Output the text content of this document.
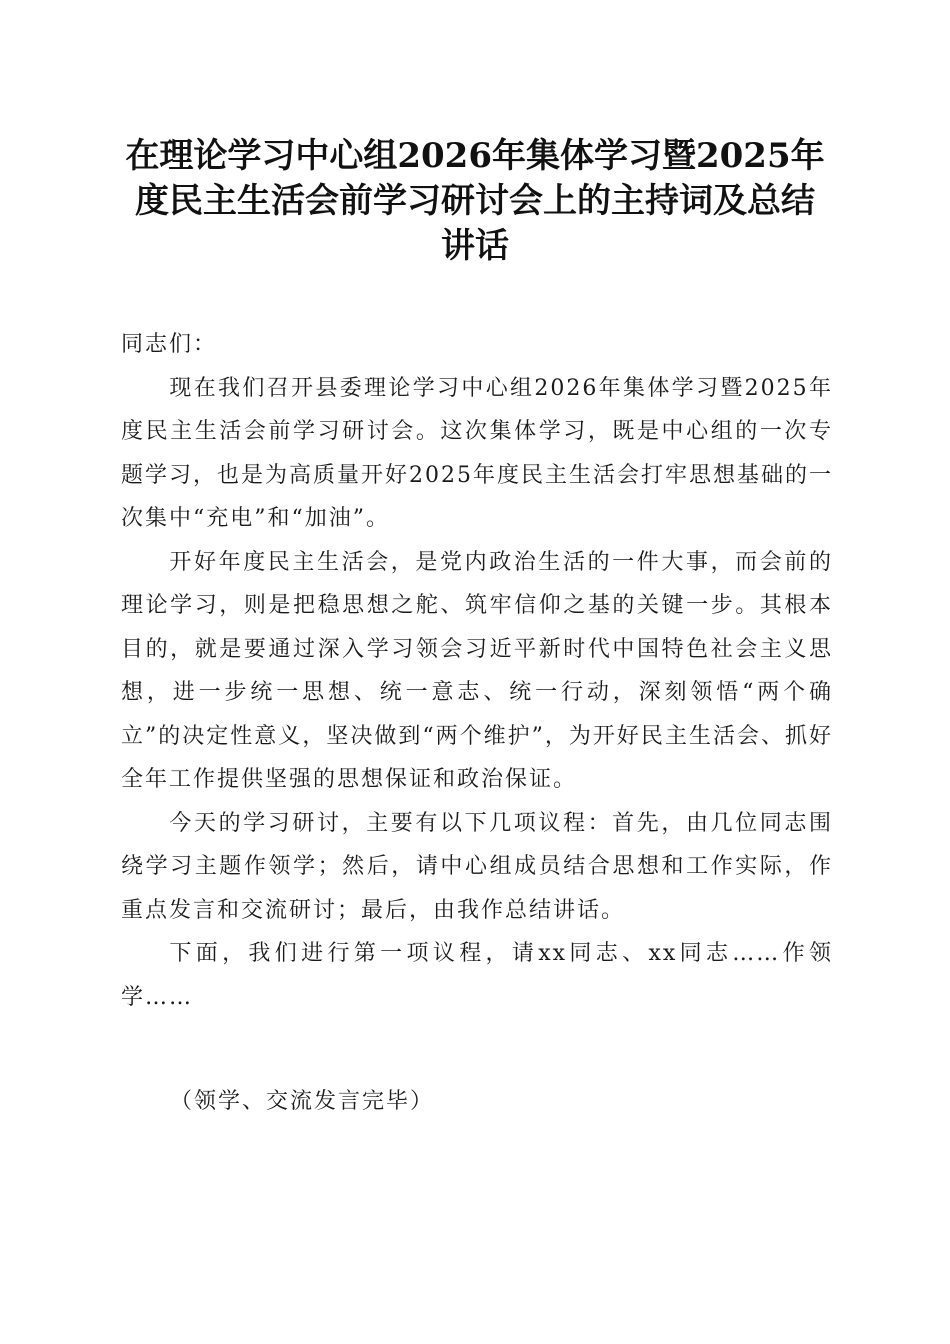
在理论学习中心组2026年集体学习暨2025年
度民主生活会前学习研讨会上的主持词及总结
讲话

同志们：

现在我们召开县委理论学习中心组2026年集体学习暨2025年度民主生活会前学习研讨会。这次集体学习，既是中心组的一次专题学习，也是为高质量开好2025年度民主生活会打牢思想基础的一次集中“充电”和“加油”。

开好年度民主生活会，是党内政治生活的一件大事，而会前的理论学习，则是把稳思想之舵、筑牢信仰之基的关键一步。其根本目的，就是要通过深入学习领会习近平新时代中国特色社会主义思想，进一步统一思想、统一意志、统一行动，深刻领悟“两个确立”的决定性意义，坚决做到“两个维护”，为开好民主生活会、抓好全年工作提供坚强的思想保证和政治保证。

今天的学习研讨，主要有以下几项议程：首先，由几位同志围绕学习主题作领学；然后，请中心组成员结合思想和工作实际，作重点发言和交流研讨；最后，由我作总结讲话。

下面，我们进行第一项议程，请xx同志、xx同志……作领学……

（领学、交流发言完毕）
